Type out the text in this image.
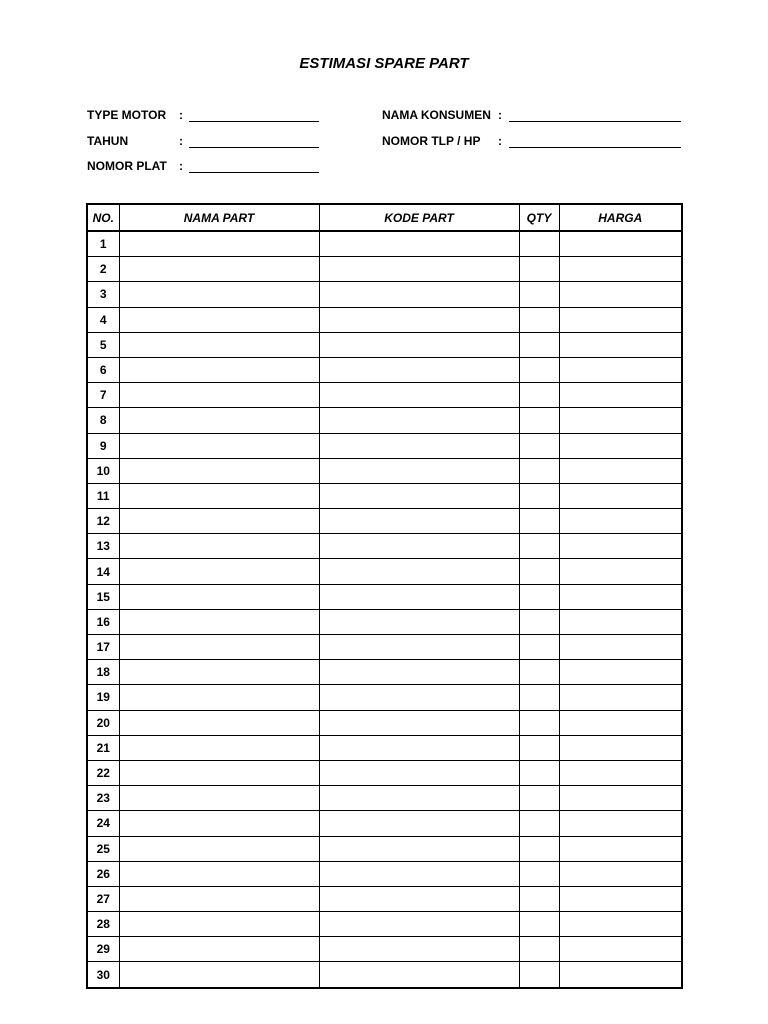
ESTIMASI SPARE PART
TYPE MOTOR :
TAHUN	:
NOMOR PLAT :
NAMA KONSUMEN :
NOMOR TLP / HP :
NO.	NAMA PART	KODE PART	QTY	HARGA
1				
2				
3				
4				
5				
6				
7				
8				
9				
10				
11				
12				
13				
14				
15				
16				
17				
18				
19				
20				
21				
22				
23				
24				
25				
26				
27				
28				
29				
30				
